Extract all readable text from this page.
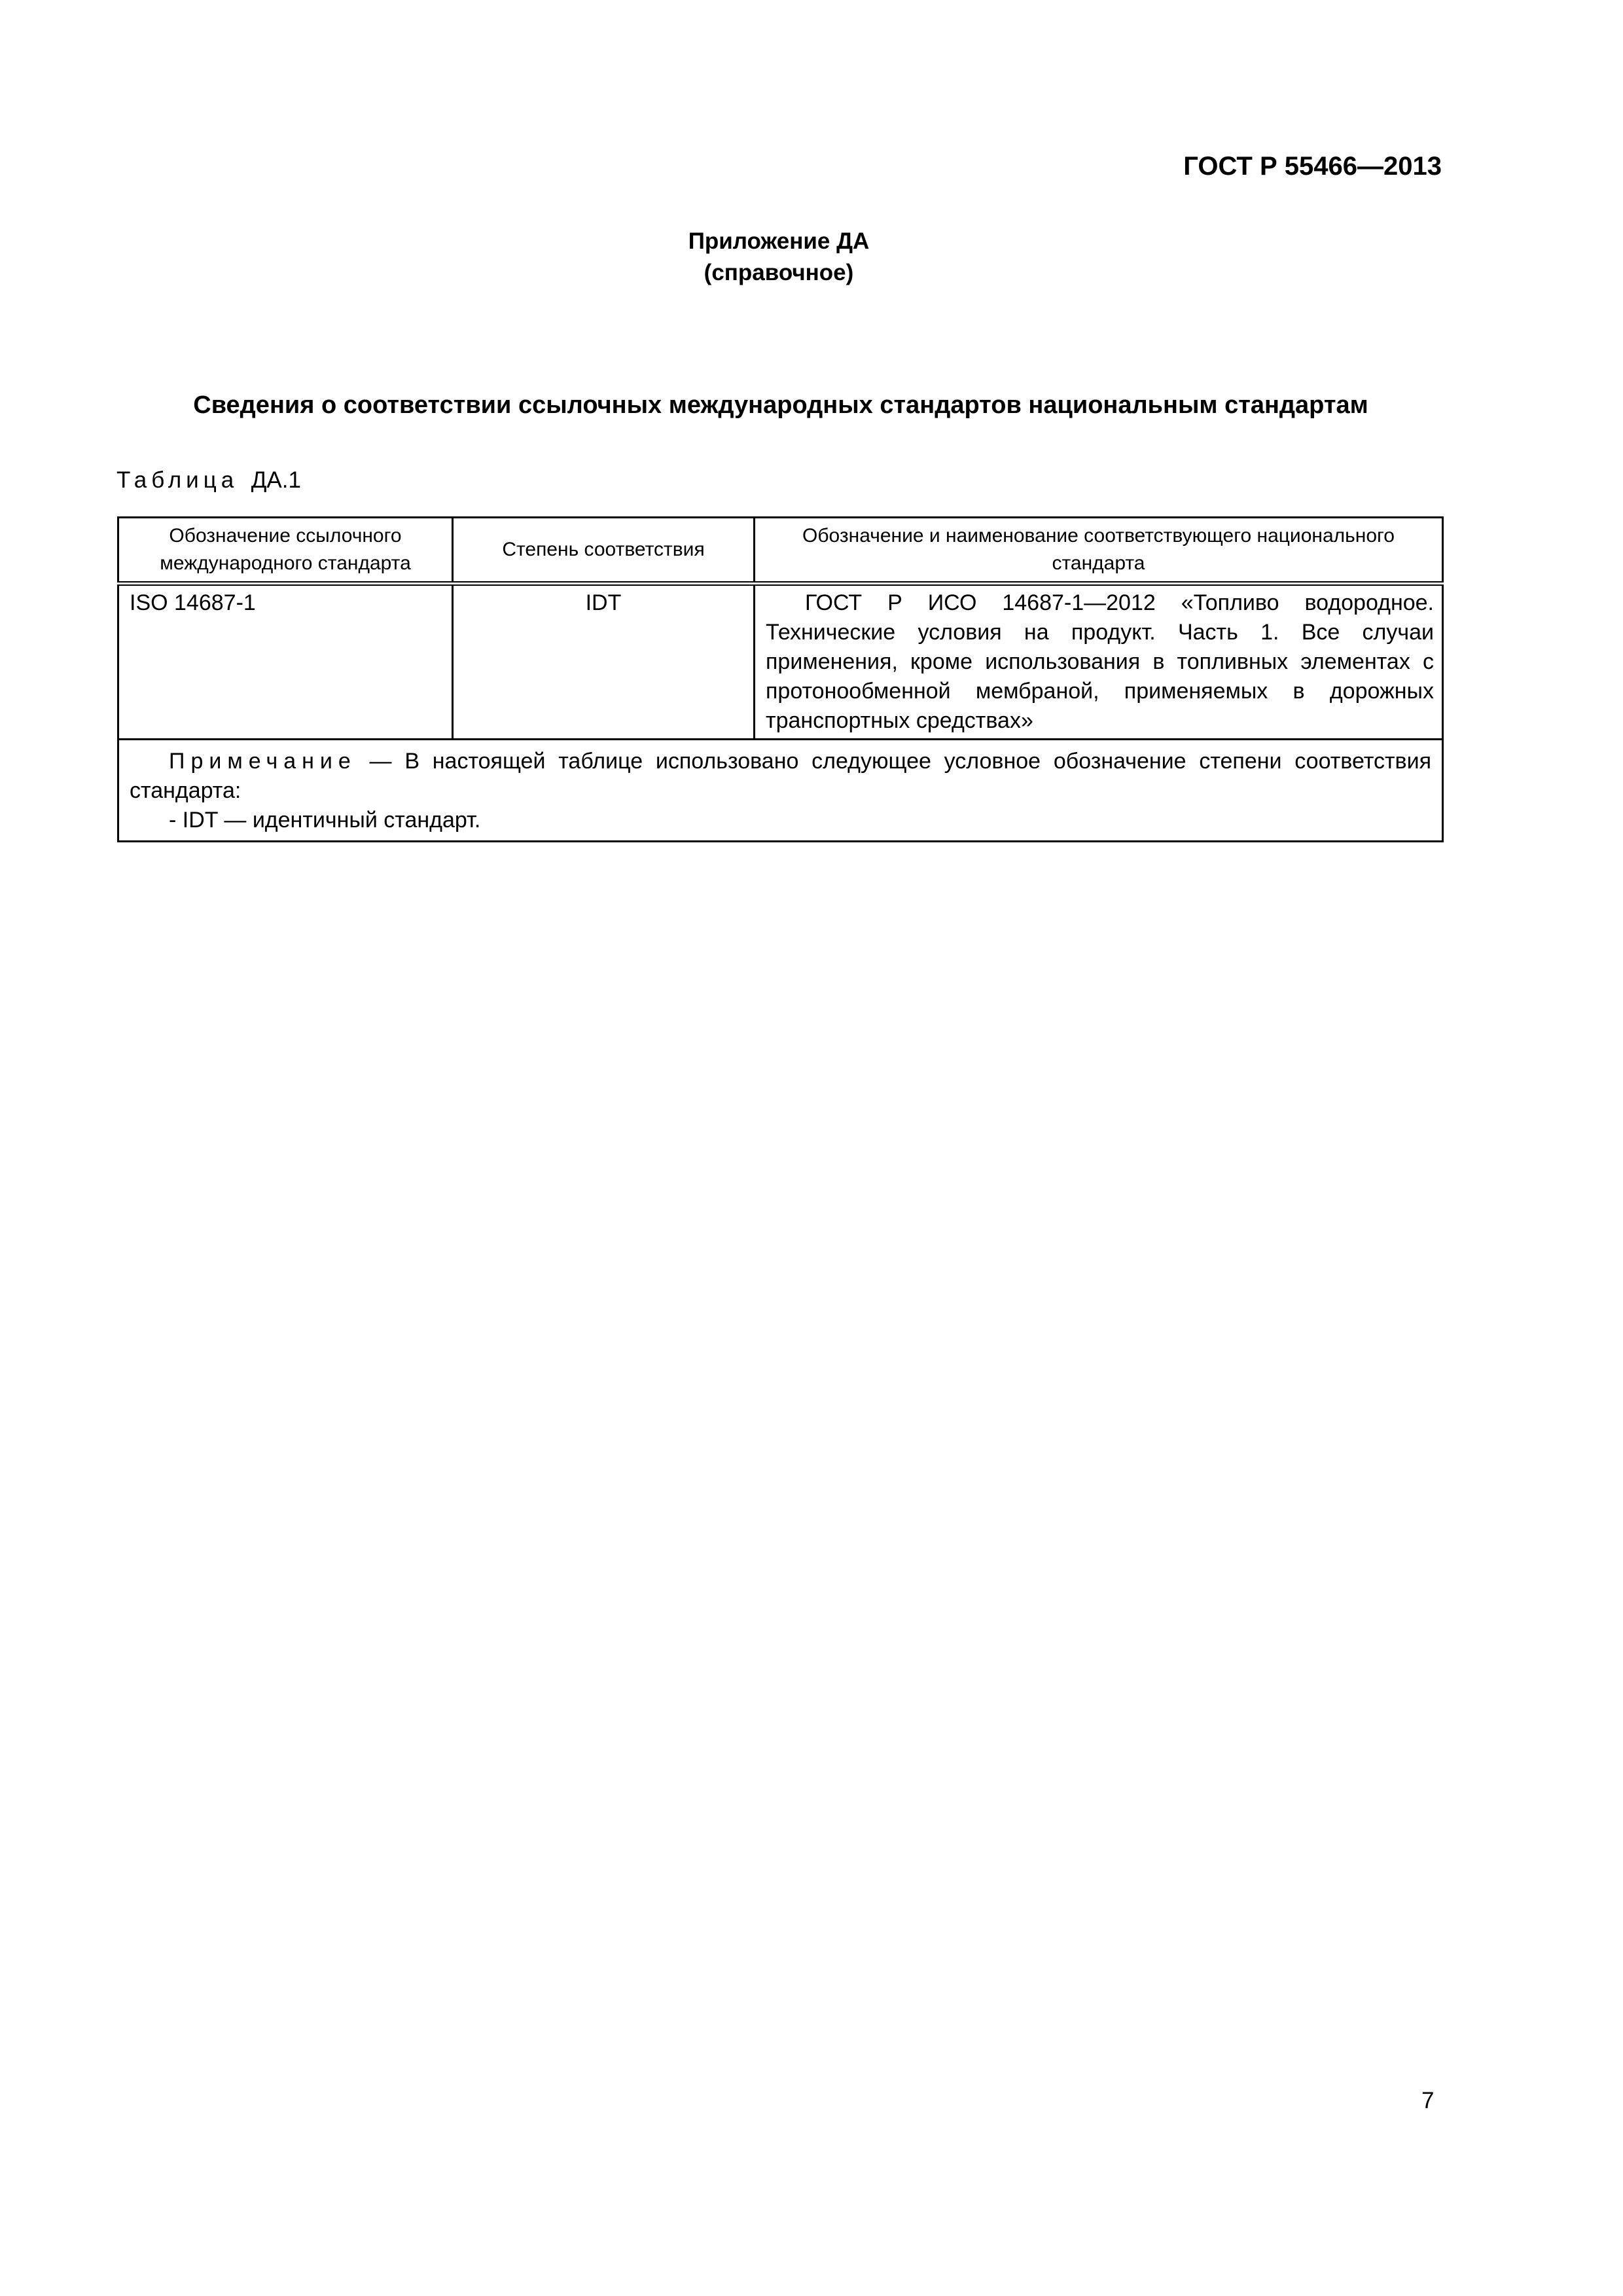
ГОСТ Р 55466—2013
Приложение ДА
(справочное)
Сведения о соответствии ссылочных международных стандартов национальным стандартам
Таблица ДА.1
Обозначение ссылочного международного стандарта	Степень соответствия	Обозначение и наименование соответствующего национального стандарта
ISO 14687-1	IDT	ГОСТ Р ИСО 14687-1—2012 «Топливо водородное. Технические условия на продукт. Часть 1. Все случаи применения, кроме использования в топливных элементах с протонообменной мембраной, применяемых в дорожных транспортных средствах»

Примечание — В настоящей таблице использовано следующее условное обозначение степени соответствия стандарта:
- IDT — идентичный стандарт.		
7
